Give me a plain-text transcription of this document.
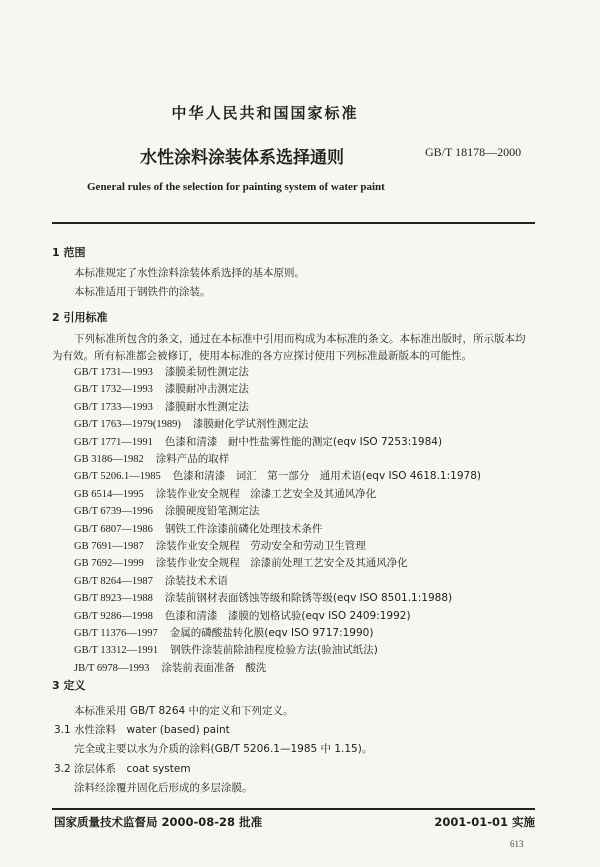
中华人民共和国国家标准
水性涂料涂装体系选择通则	GB/T 18178—2000
General rules of the selection for painting system of water paint
1 范围
本标准规定了水性涂料涂装体系选择的基本原则。
本标准适用于钢铁件的涂装。
2 引用标准
下列标准所包含的条文，通过在本标准中引用而构成为本标准的条文。本标准出版时，所示版本均
为有效。所有标准都会被修订，使用本标准的各方应探讨使用下列标准最新版本的可能性。
GB/T 1731—1993 漆膜柔韧性测定法
GB/T 1732—1993 漆膜耐冲击测定法
GB/T 1733—1993 漆膜耐水性测定法
GB/T 1763—1979(1989) 漆膜耐化学试剂性测定法
GB/T 1771—1991 色漆和清漆　耐中性盐雾性能的测定(eqv ISO 7253:1984)
GB 3186—1982 涂料产品的取样
GB/T 5206.1—1985 色漆和清漆　词汇　第一部分　通用术语(eqv ISO 4618.1:1978)
GB 6514—1995 涂装作业安全规程　涂漆工艺安全及其通风净化
GB/T 6739—1996 涂膜硬度铅笔测定法
GB/T 6807—1986 钢铁工件涂漆前磷化处理技术条件
GB 7691—1987 涂装作业安全规程　劳动安全和劳动卫生管理
GB 7692—1999 涂装作业安全规程　涂漆前处理工艺安全及其通风净化
GB/T 8264—1987 涂装技术术语
GB/T 8923—1988 涂装前钢材表面锈蚀等级和除锈等级(eqv ISO 8501.1:1988)
GB/T 9286—1998 色漆和清漆　漆膜的划格试验(eqv ISO 2409:1992)
GB/T 11376—1997 金属的磷酸盐转化膜(eqv ISO 9717:1990)
GB/T 13312—1991 钢铁件涂装前除油程度检验方法(验油试纸法)
JB/T 6978—1993 涂装前表面准备　酸洗
3 定义
本标准采用 GB/T 8264 中的定义和下列定义。
3.1 水性涂料　water (based) paint
完全或主要以水为介质的涂料(GB/T 5206.1—1985 中 1.15)。
3.2 涂层体系　coat system
涂料经涂覆并固化后形成的多层涂膜。
国家质量技术监督局 2000-08-28 批准	2001-01-01 实施
613
